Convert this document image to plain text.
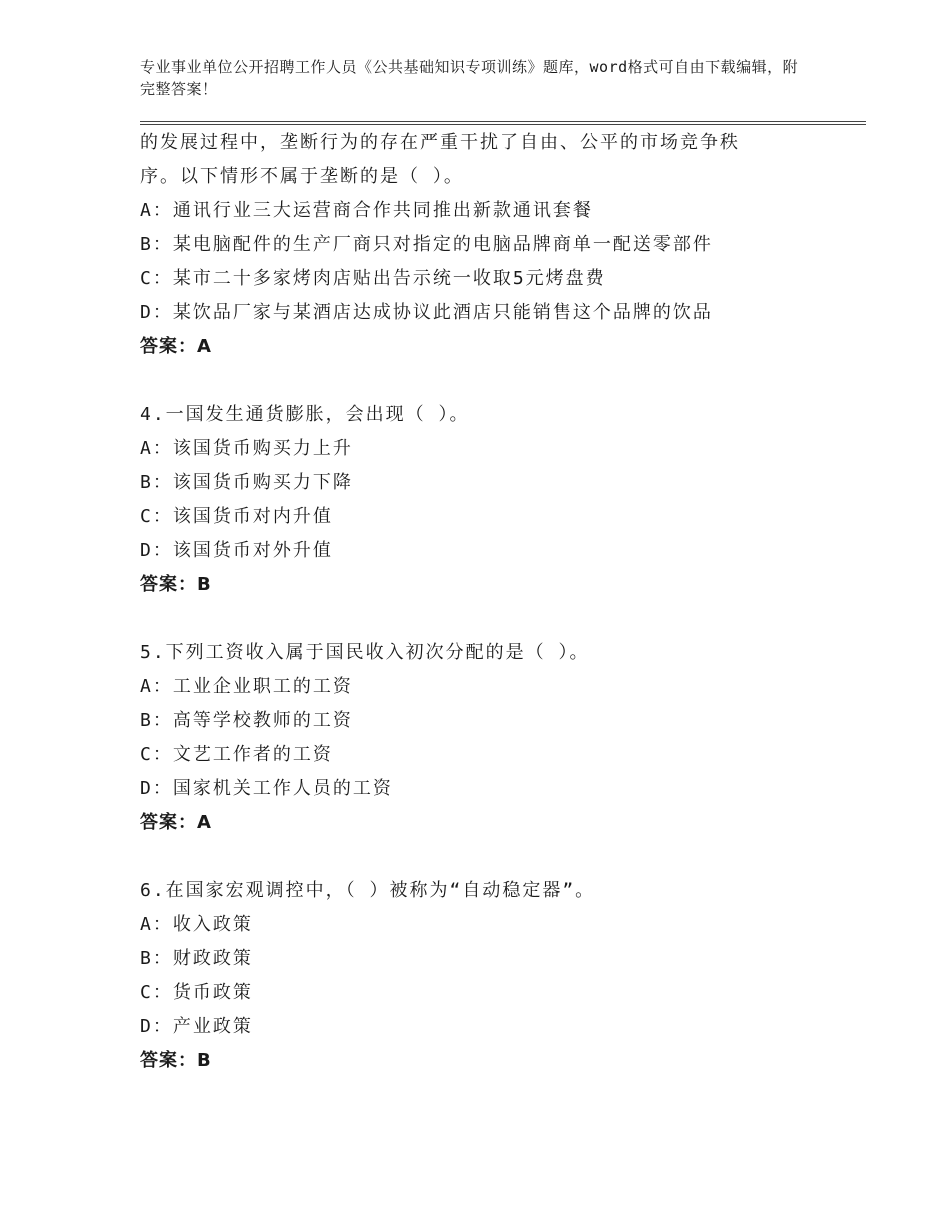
专业事业单位公开招聘工作人员《公共基础知识专项训练》题库，word格式可自由下载编辑，附完整答案！
的发展过程中，垄断行为的存在严重干扰了自由、公平的市场竞争秩
序。以下情形不属于垄断的是（ ）。
A：通讯行业三大运营商合作共同推出新款通讯套餐
B：某电脑配件的生产厂商只对指定的电脑品牌商单一配送零部件
C：某市二十多家烤肉店贴出告示统一收取5元烤盘费
D：某饮品厂家与某酒店达成协议此酒店只能销售这个品牌的饮品
答案：A
4.一国发生通货膨胀，会出现（ ）。
A：该国货币购买力上升
B：该国货币购买力下降
C：该国货币对内升值
D：该国货币对外升值
答案：B
5.下列工资收入属于国民收入初次分配的是（ ）。
A：工业企业职工的工资
B：高等学校教师的工资
C：文艺工作者的工资
D：国家机关工作人员的工资
答案：A
6.在国家宏观调控中，（ ）被称为“自动稳定器”。
A：收入政策
B：财政政策
C：货币政策
D：产业政策
答案：B
